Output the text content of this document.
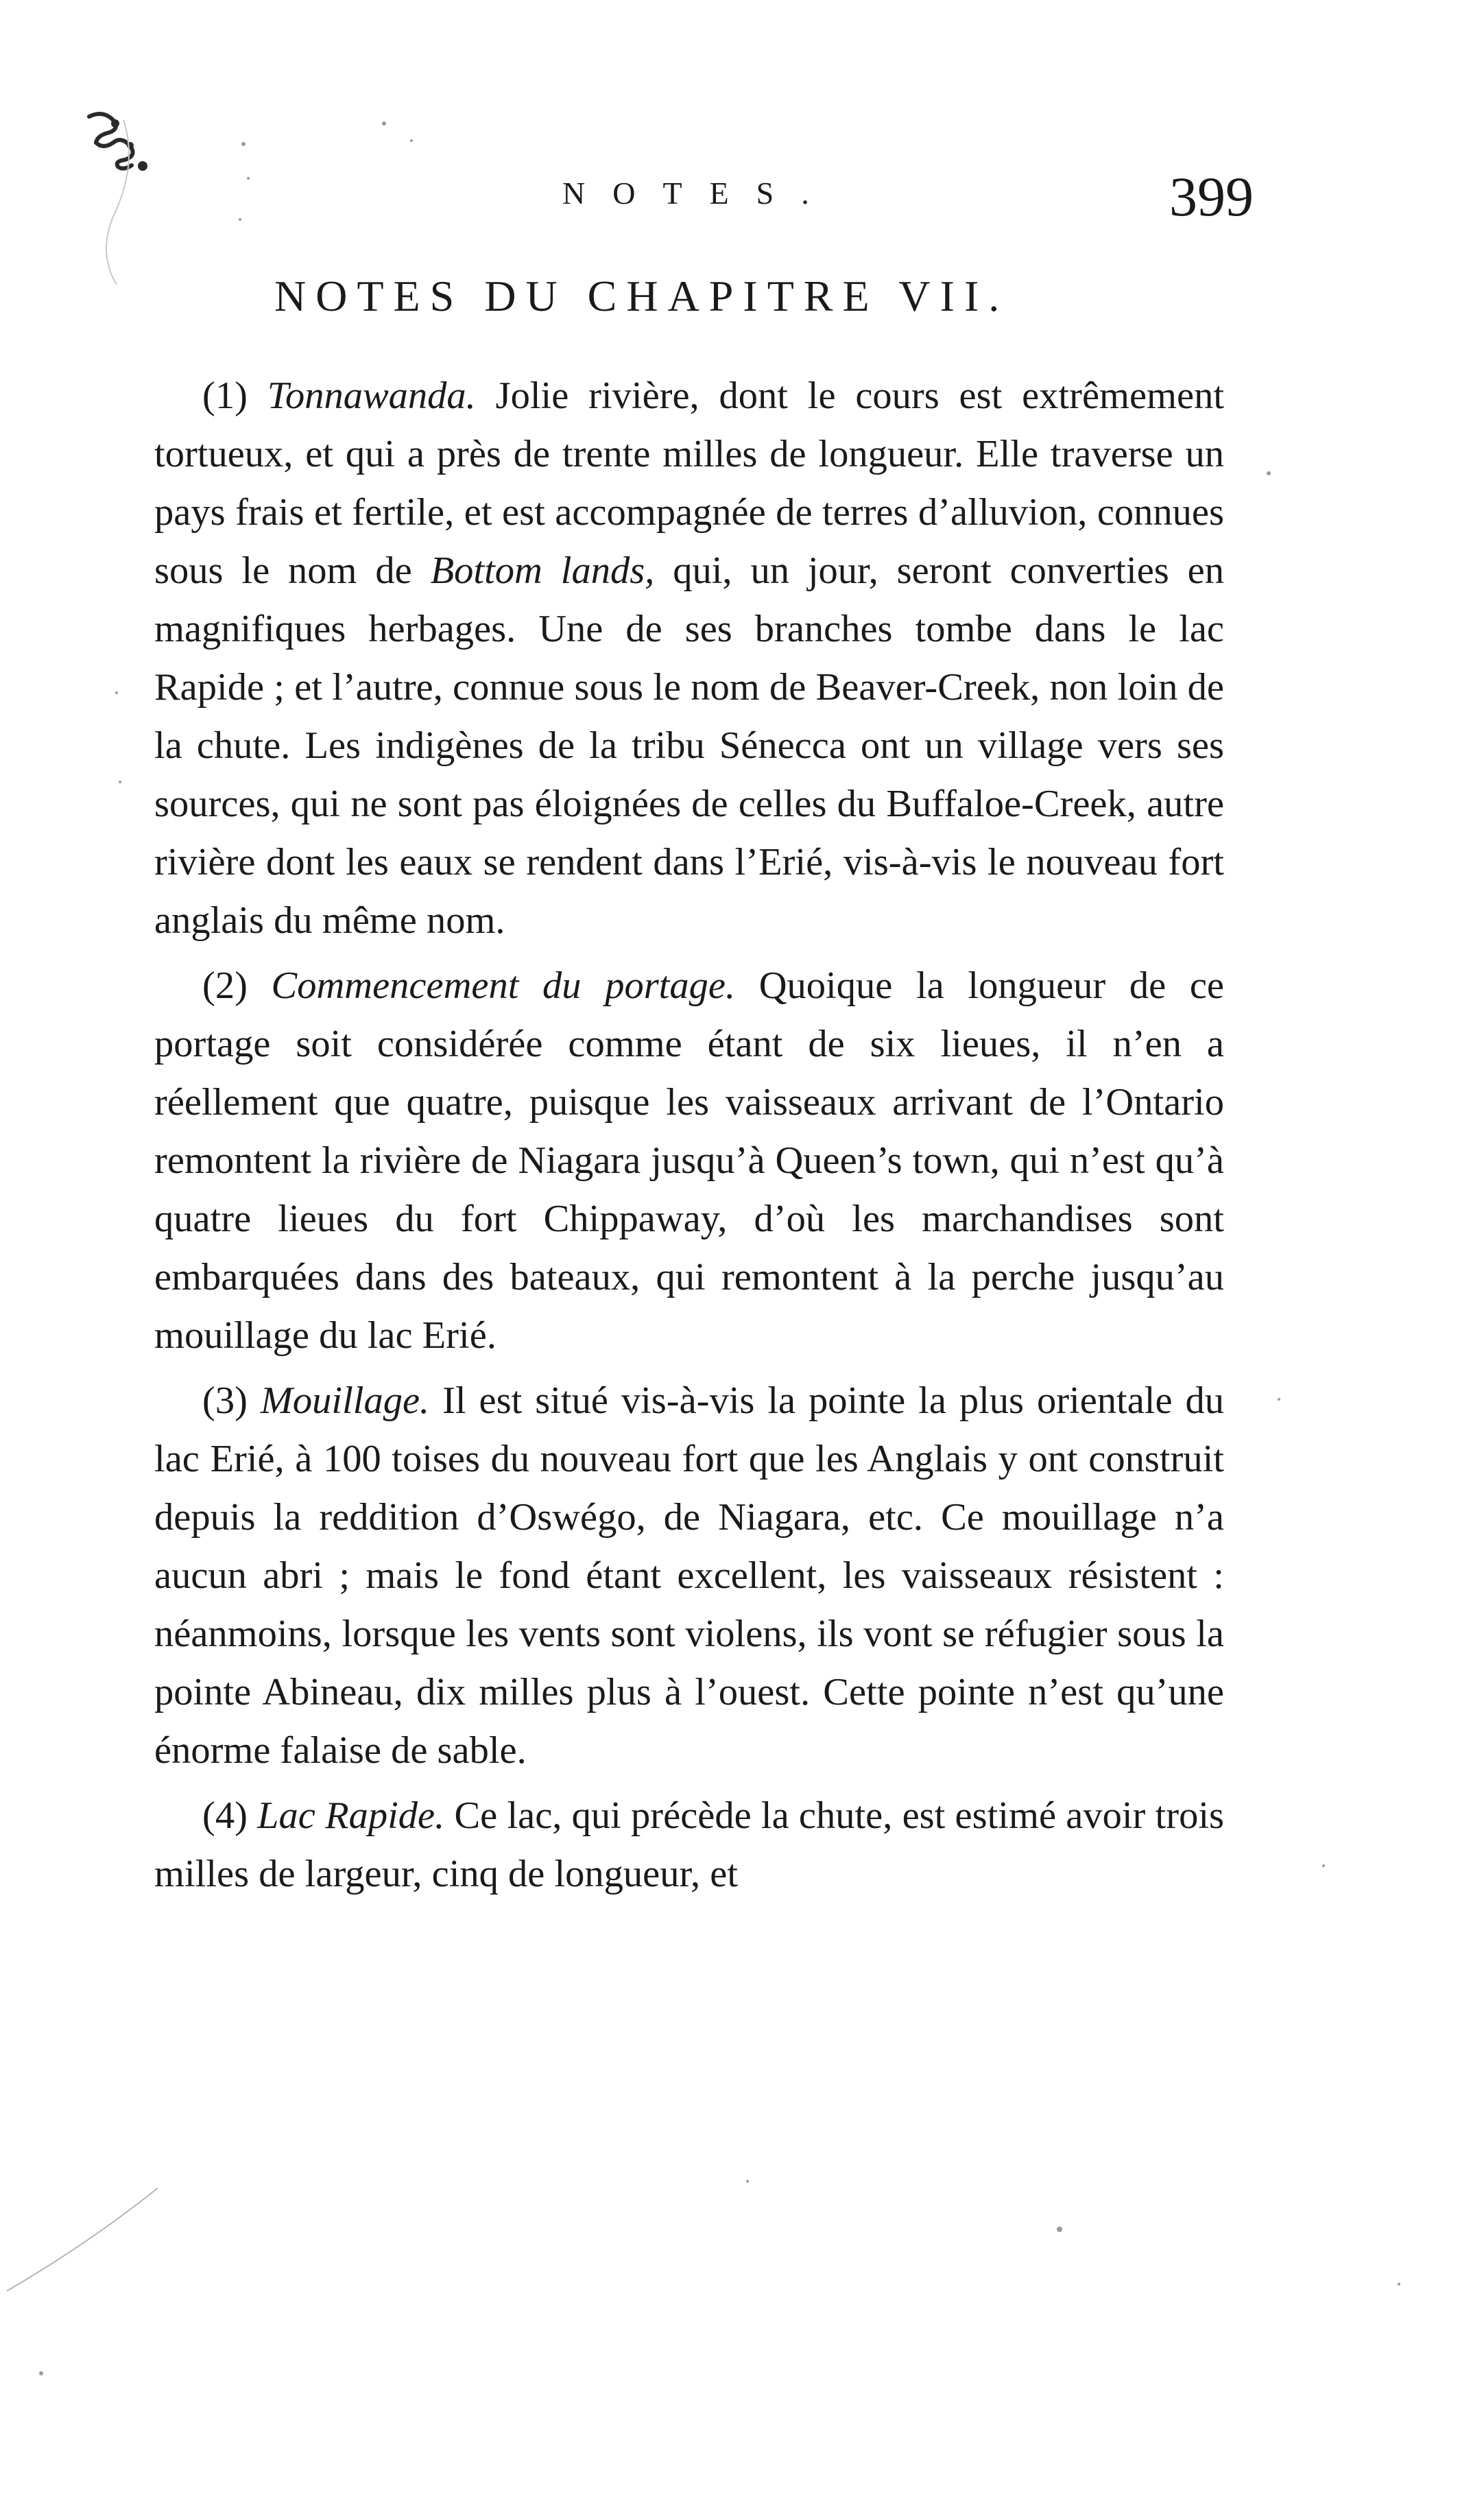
NOTES.	399
NOTES DU CHAPITRE VII.

(1) Tonnawanda. Jolie rivière, dont le cours est extrêmement tortueux, et qui a près de trente milles de longueur. Elle traverse un pays frais et fertile, et est accompagnée de terres d’alluvion, connues sous le nom de Bottom lands, qui, un jour, seront converties en magnifiques herbages. Une de ses branches tombe dans le lac Rapide ; et l’autre, connue sous le nom de Beaver-Creek, non loin de la chute. Les indigènes de la tribu Sénecca ont un village vers ses sources, qui ne sont pas éloignées de celles du Buffaloe-Creek, autre rivière dont les eaux se rendent dans l’Erié, vis-à-vis le nouveau fort anglais du même nom.

(2) Commencement du portage. Quoique la longueur de ce portage soit considérée comme étant de six lieues, il n’en a réellement que quatre, puisque les vaisseaux arrivant de l’Ontario remontent la rivière de Niagara jusqu’à Queen’s town, qui n’est qu’à quatre lieues du fort Chippaway, d’où les marchandises sont embarquées dans des bateaux, qui remontent à la perche jusqu’au mouillage du lac Erié.

(3) Mouillage. Il est situé vis-à-vis la pointe la plus orientale du lac Erié, à 100 toises du nouveau fort que les Anglais y ont construit depuis la reddition d’Oswégo, de Niagara, etc. Ce mouillage n’a aucun abri ; mais le fond étant excellent, les vaisseaux résistent : néanmoins, lorsque les vents sont violens, ils vont se réfugier sous la pointe Abineau, dix milles plus à l’ouest. Cette pointe n’est qu’une énorme falaise de sable.

(4) Lac Rapide. Ce lac, qui précède la chute, est estimé avoir trois milles de largeur, cinq de longueur, et
